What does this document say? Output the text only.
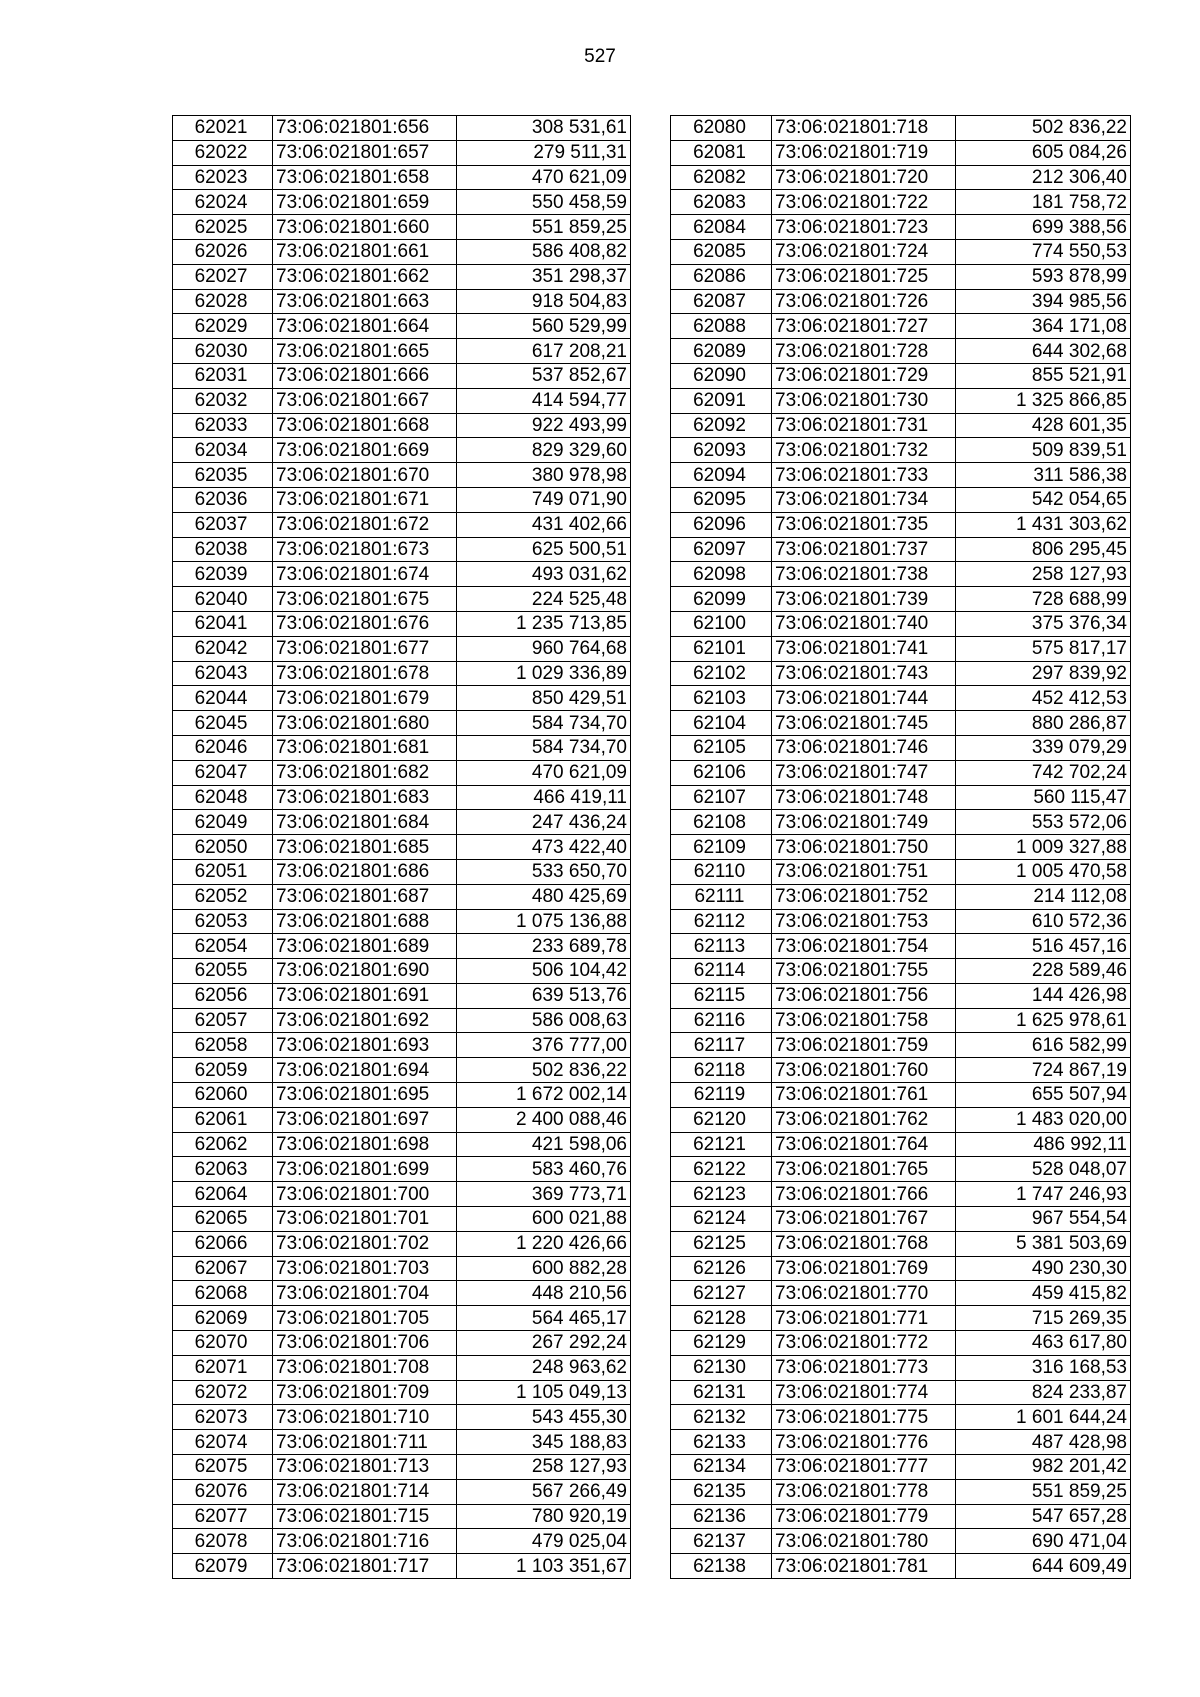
527
62021	73:06:021801:656	308 531,61
62022	73:06:021801:657	279 511,31
62023	73:06:021801:658	470 621,09
62024	73:06:021801:659	550 458,59
62025	73:06:021801:660	551 859,25
62026	73:06:021801:661	586 408,82
62027	73:06:021801:662	351 298,37
62028	73:06:021801:663	918 504,83
62029	73:06:021801:664	560 529,99
62030	73:06:021801:665	617 208,21
62031	73:06:021801:666	537 852,67
62032	73:06:021801:667	414 594,77
62033	73:06:021801:668	922 493,99
62034	73:06:021801:669	829 329,60
62035	73:06:021801:670	380 978,98
62036	73:06:021801:671	749 071,90
62037	73:06:021801:672	431 402,66
62038	73:06:021801:673	625 500,51
62039	73:06:021801:674	493 031,62
62040	73:06:021801:675	224 525,48
62041	73:06:021801:676	1 235 713,85
62042	73:06:021801:677	960 764,68
62043	73:06:021801:678	1 029 336,89
62044	73:06:021801:679	850 429,51
62045	73:06:021801:680	584 734,70
62046	73:06:021801:681	584 734,70
62047	73:06:021801:682	470 621,09
62048	73:06:021801:683	466 419,11
62049	73:06:021801:684	247 436,24
62050	73:06:021801:685	473 422,40
62051	73:06:021801:686	533 650,70
62052	73:06:021801:687	480 425,69
62053	73:06:021801:688	1 075 136,88
62054	73:06:021801:689	233 689,78
62055	73:06:021801:690	506 104,42
62056	73:06:021801:691	639 513,76
62057	73:06:021801:692	586 008,63
62058	73:06:021801:693	376 777,00
62059	73:06:021801:694	502 836,22
62060	73:06:021801:695	1 672 002,14
62061	73:06:021801:697	2 400 088,46
62062	73:06:021801:698	421 598,06
62063	73:06:021801:699	583 460,76
62064	73:06:021801:700	369 773,71
62065	73:06:021801:701	600 021,88
62066	73:06:021801:702	1 220 426,66
62067	73:06:021801:703	600 882,28
62068	73:06:021801:704	448 210,56
62069	73:06:021801:705	564 465,17
62070	73:06:021801:706	267 292,24
62071	73:06:021801:708	248 963,62
62072	73:06:021801:709	1 105 049,13
62073	73:06:021801:710	543 455,30
62074	73:06:021801:711	345 188,83
62075	73:06:021801:713	258 127,93
62076	73:06:021801:714	567 266,49
62077	73:06:021801:715	780 920,19
62078	73:06:021801:716	479 025,04
62079	73:06:021801:717	1 103 351,67
62080	73:06:021801:718	502 836,22
62081	73:06:021801:719	605 084,26
62082	73:06:021801:720	212 306,40
62083	73:06:021801:722	181 758,72
62084	73:06:021801:723	699 388,56
62085	73:06:021801:724	774 550,53
62086	73:06:021801:725	593 878,99
62087	73:06:021801:726	394 985,56
62088	73:06:021801:727	364 171,08
62089	73:06:021801:728	644 302,68
62090	73:06:021801:729	855 521,91
62091	73:06:021801:730	1 325 866,85
62092	73:06:021801:731	428 601,35
62093	73:06:021801:732	509 839,51
62094	73:06:021801:733	311 586,38
62095	73:06:021801:734	542 054,65
62096	73:06:021801:735	1 431 303,62
62097	73:06:021801:737	806 295,45
62098	73:06:021801:738	258 127,93
62099	73:06:021801:739	728 688,99
62100	73:06:021801:740	375 376,34
62101	73:06:021801:741	575 817,17
62102	73:06:021801:743	297 839,92
62103	73:06:021801:744	452 412,53
62104	73:06:021801:745	880 286,87
62105	73:06:021801:746	339 079,29
62106	73:06:021801:747	742 702,24
62107	73:06:021801:748	560 115,47
62108	73:06:021801:749	553 572,06
62109	73:06:021801:750	1 009 327,88
62110	73:06:021801:751	1 005 470,58
62111	73:06:021801:752	214 112,08
62112	73:06:021801:753	610 572,36
62113	73:06:021801:754	516 457,16
62114	73:06:021801:755	228 589,46
62115	73:06:021801:756	144 426,98
62116	73:06:021801:758	1 625 978,61
62117	73:06:021801:759	616 582,99
62118	73:06:021801:760	724 867,19
62119	73:06:021801:761	655 507,94
62120	73:06:021801:762	1 483 020,00
62121	73:06:021801:764	486 992,11
62122	73:06:021801:765	528 048,07
62123	73:06:021801:766	1 747 246,93
62124	73:06:021801:767	967 554,54
62125	73:06:021801:768	5 381 503,69
62126	73:06:021801:769	490 230,30
62127	73:06:021801:770	459 415,82
62128	73:06:021801:771	715 269,35
62129	73:06:021801:772	463 617,80
62130	73:06:021801:773	316 168,53
62131	73:06:021801:774	824 233,87
62132	73:06:021801:775	1 601 644,24
62133	73:06:021801:776	487 428,98
62134	73:06:021801:777	982 201,42
62135	73:06:021801:778	551 859,25
62136	73:06:021801:779	547 657,28
62137	73:06:021801:780	690 471,04
62138	73:06:021801:781	644 609,49
